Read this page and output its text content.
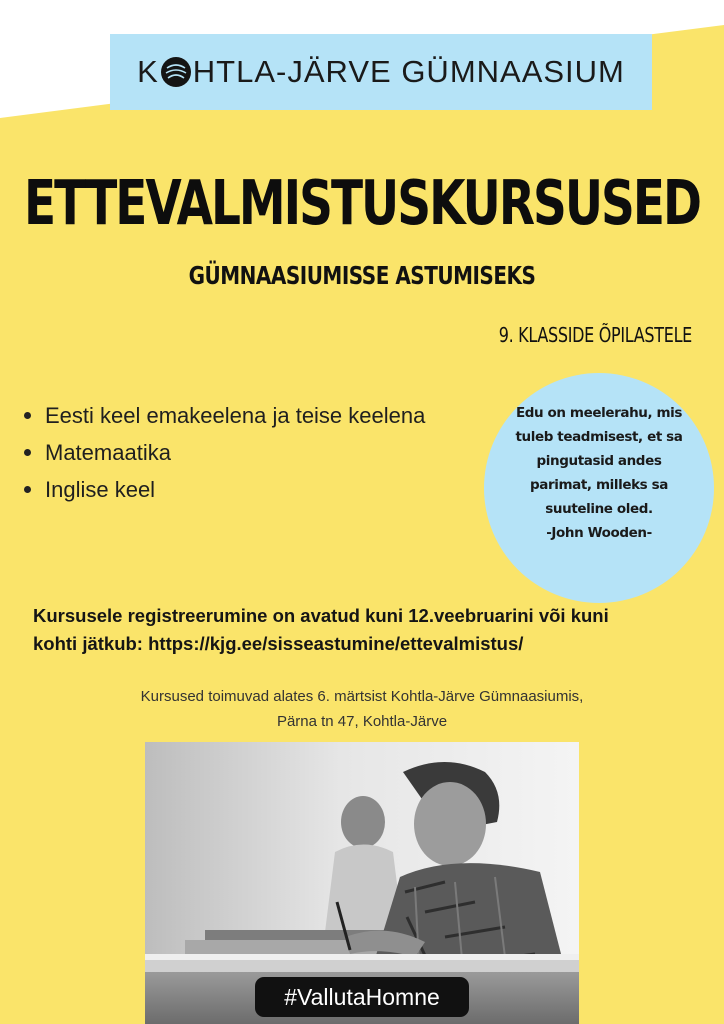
K HTLA-JÄRVE GÜMNAASIUM
ETTEVALMISTUSKURSUSED
GÜMNAASIUMISSE ASTUMISEKS
9. KLASSIDE ÕPILASTELE
Eesti keel emakeelena ja teise keelena
Matemaatika
Inglise keel
Edu on meelerahu, mis
tuleb teadmisest, et sa
pingutasid andes
parimat, milleks sa
suuteline oled.
-John Wooden-
Kursusele registreerumine on avatud kuni 12.veebruarini või kuni
kohti jätkub: https://kjg.ee/sisseastumine/ettevalmistus/
Kursused toimuvad alates 6. märtsist Kohtla-Järve Gümnaasiumis,
Pärna tn 47, Kohtla-Järve
#VallutaHomne
